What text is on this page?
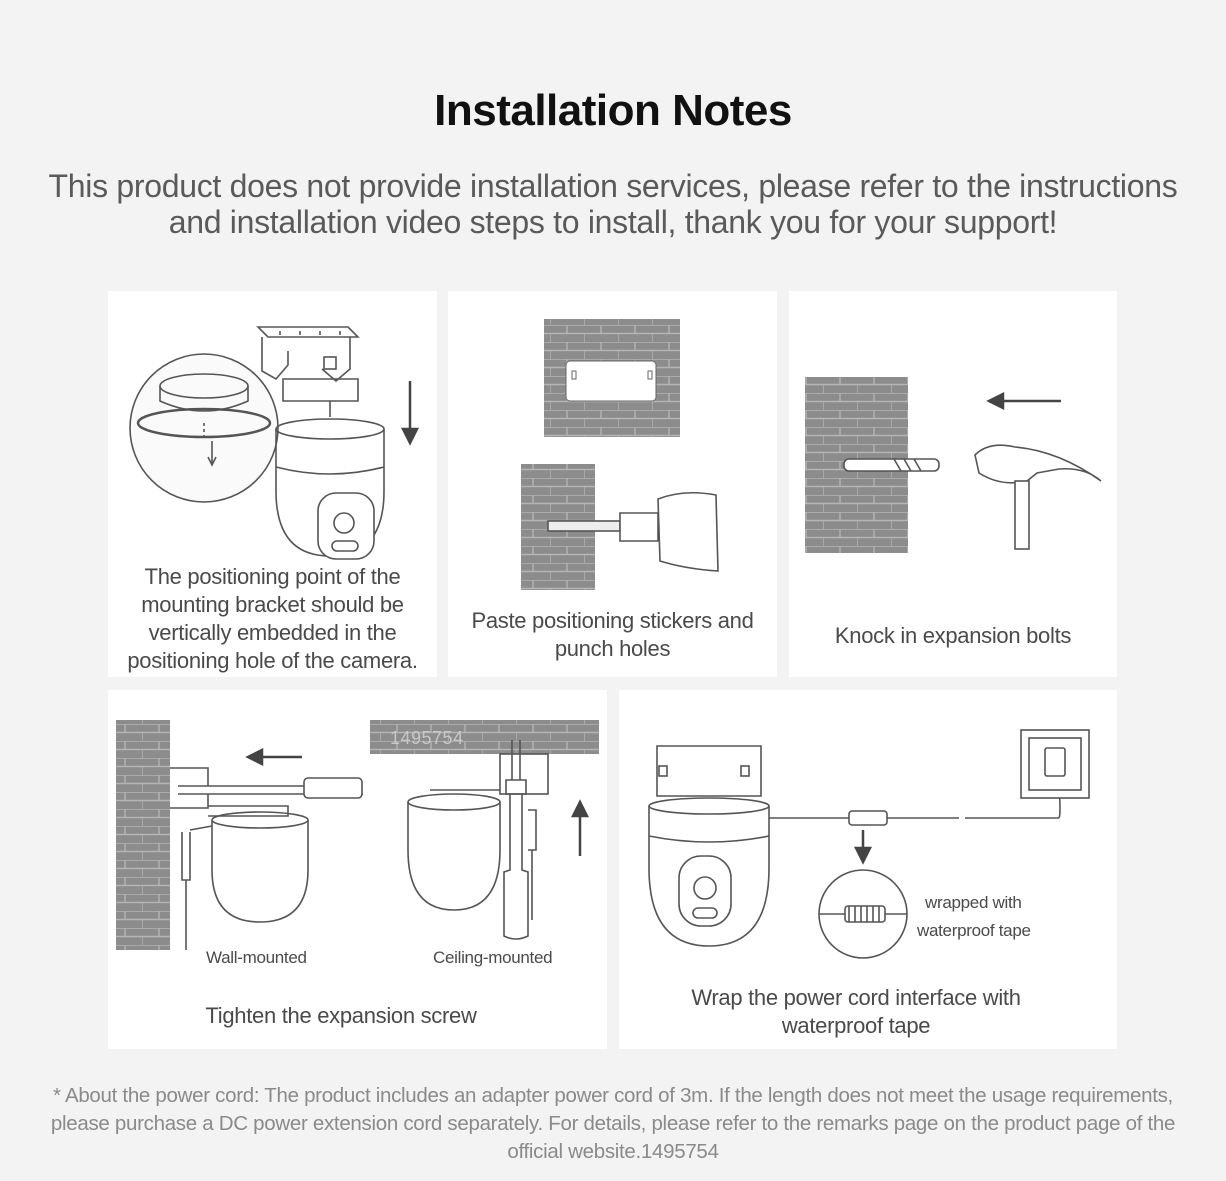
Installation Notes
This product does not provide installation services, please refer to the instructions and installation video steps to install, thank you for your support!
The positioning point of the mounting bracket should be vertically embedded in the positioning hole of the camera.
Paste positioning stickers and punch holes
Knock in expansion bolts
1495754
Wall-mounted	Ceiling-mounted
Tighten the expansion screw
wrapped with
waterproof tape
Wrap the power cord interface with waterproof tape
* About the power cord: The product includes an adapter power cord of 3m. If the length does not meet the usage requirements, please purchase a DC power extension cord separately. For details, please refer to the remarks page on the product page of the official website.1495754
